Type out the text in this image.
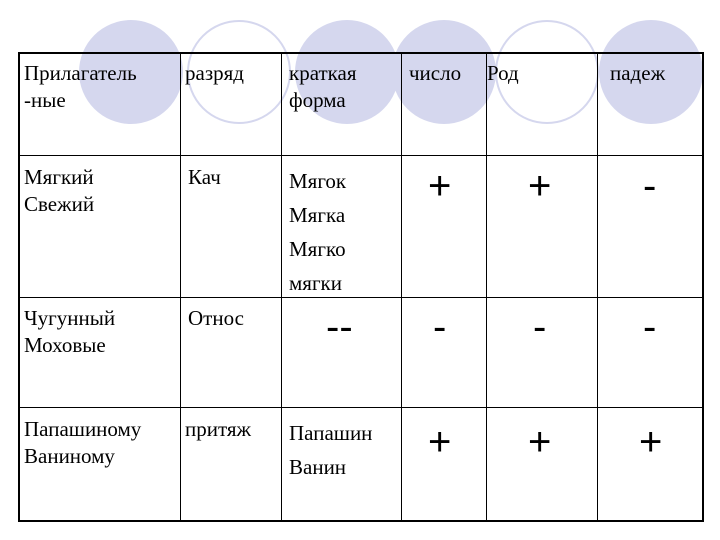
Прилагатель
-ные
разряд краткая
форма
число Род	падеж
Мягкий
Свежий
Кач	Мягок
Мягка
Мягко
мягки
+ + -
Чугунный
Моховые
Относ -- - - -
Папашиному
Ваниному
притяж Папашин
Ванин
+ + +
